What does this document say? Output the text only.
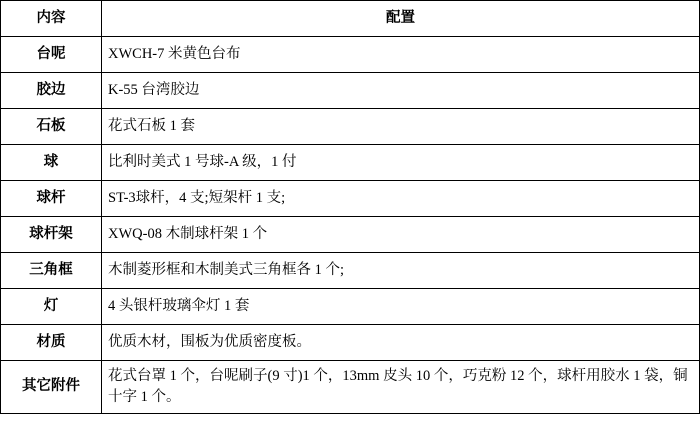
内容	配置
台呢	XWCH-7 米黄色台布
胶边	K-55 台湾胶边
石板	花式石板 1 套
球	比利时美式 1 号球-A 级，1 付
球杆	ST-3球杆，4 支;短架杆 1 支;
球杆架	XWQ-08 木制球杆架 1 个
三角框	木制菱形框和木制美式三角框各 1 个;
灯	4 头银杆玻璃伞灯 1 套
材质	优质木材，围板为优质密度板。
其它附件	花式台罩 1 个，台呢刷子(9 寸)1 个，13mm 皮头 10 个，巧克粉 12 个，球杆用胶水 1 袋，铜十字 1 个。
